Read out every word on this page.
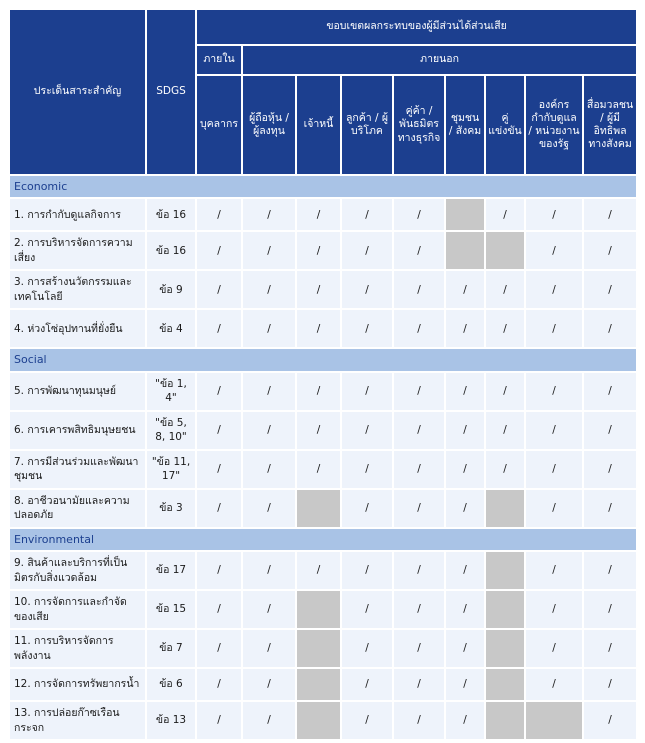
ประเด็นสาระสำคัญ	SDGS	ขอบเขตผลกระทบของผู้มีส่วนได้ส่วนเสีย								
		ภายใน	ภายนอก							
		บุคลากร	ผู้ถือหุ้น / ผู้ลงทุน	เจ้าหนี้	ลูกค้า / ผู้บริโภค	คู่ค้า / พันธมิตรทางธุรกิจ	ชุมชน / สังคม	คู่แข่งขัน	องค์กรกำกับดูแล / หน่วยงานของรัฐ	สื่อมวลชน / ผู้มีอิทธิพลทางสังคม
Economic										
1. การกำกับดูแลกิจการ	ข้อ 16	/	/	/	/	/		/	/	/
2. การบริหารจัดการความเสี่ยง	ข้อ 16	/	/	/	/	/			/	/
3. การสร้างนวัตกรรมและเทคโนโลยี	ข้อ 9	/	/	/	/	/	/	/	/	/
4. ห่วงโซ่อุปทานที่ยั่งยืน	ข้อ 4	/	/	/	/	/	/	/	/	/
Social										
5. การพัฒนาทุนมนุษย์	"ข้อ 1, 4"	/	/	/	/	/	/	/	/	/
6. การเคารพสิทธิมนุษยชน	"ข้อ 5, 8, 10"	/	/	/	/	/	/	/	/	/
7. การมีส่วนร่วมและพัฒนาชุมชน	"ข้อ 11, 17"	/	/	/	/	/	/	/	/	/
8. อาชีวอนามัยและความปลอดภัย	ข้อ 3	/	/		/	/	/		/	/
Environmental										
9. สินค้าและบริการที่เป็นมิตรกับสิ่งแวดล้อม	ข้อ 17	/	/	/	/	/	/		/	/
10. การจัดการและกำจัดของเสีย	ข้อ 15	/	/		/	/	/		/	/
11. การบริหารจัดการพลังงาน	ข้อ 7	/	/		/	/	/		/	/
12. การจัดการทรัพยากรน้ำ	ข้อ 6	/	/		/	/	/		/	/
13. การปล่อยก๊าซเรือนกระจก	ข้อ 13	/	/		/	/	/			/
